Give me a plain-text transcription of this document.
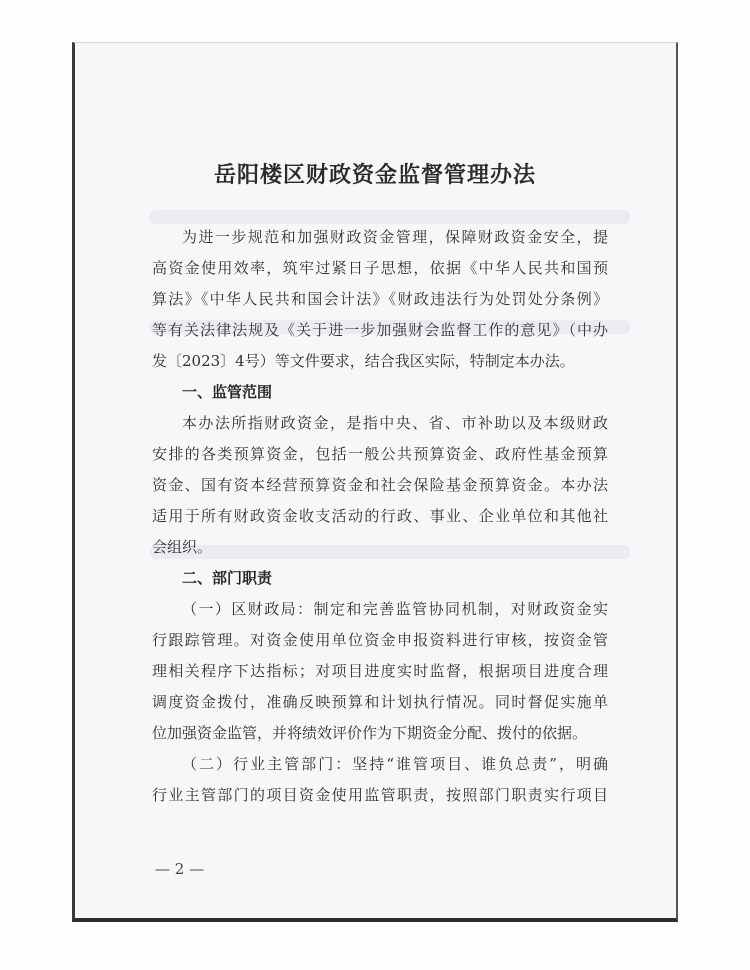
岳阳楼区财政资金监督管理办法
为进一步规范和加强财政资金管理，保障财政资金安全，提
高资金使用效率，筑牢过紧日子思想，依据《中华人民共和国预
算法》《中华人民共和国会计法》《财政违法行为处罚处分条例》
等有关法律法规及《关于进一步加强财会监督工作的意见》（中办
发〔2023〕4号）等文件要求，结合我区实际，特制定本办法。
一、监管范围
本办法所指财政资金，是指中央、省、市补助以及本级财政
安排的各类预算资金，包括一般公共预算资金、政府性基金预算
资金、国有资本经营预算资金和社会保险基金预算资金。本办法
适用于所有财政资金收支活动的行政、事业、企业单位和其他社
会组织。
二、部门职责
（一）区财政局：制定和完善监管协同机制，对财政资金实
行跟踪管理。对资金使用单位资金申报资料进行审核，按资金管
理相关程序下达指标；对项目进度实时监督，根据项目进度合理
调度资金拨付，准确反映预算和计划执行情况。同时督促实施单
位加强资金监管，并将绩效评价作为下期资金分配、拨付的依据。
（二）行业主管部门：坚持“谁管项目、谁负总责”，明确
行业主管部门的项目资金使用监管职责，按照部门职责实行项目
— 2 —
